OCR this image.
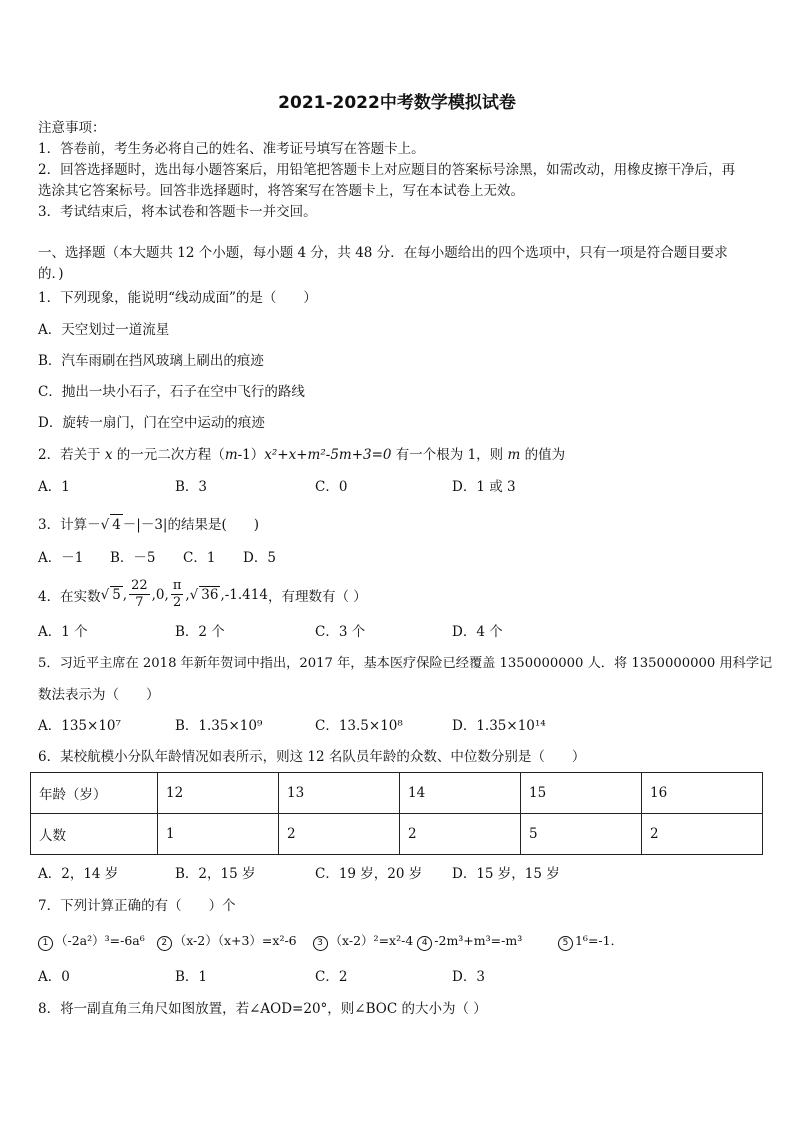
2021-2022中考数学模拟试卷
注意事项：
1．答卷前，考生务必将自己的姓名、准考证号填写在答题卡上。
2．回答选择题时，选出每小题答案后，用铅笔把答题卡上对应题目的答案标号涂黑，如需改动，用橡皮擦干净后，再
选涂其它答案标号。回答非选择题时，将答案写在答题卡上，写在本试卷上无效。
3．考试结束后，将本试卷和答题卡一并交回。
一、选择题（本大题共 12 个小题，每小题 4 分，共 48 分．在每小题给出的四个选项中，只有一项是符合题目要求
的．)
1．下列现象，能说明“线动成面”的是（　　）
A．天空划过一道流星
B．汽车雨刷在挡风玻璃上刷出的痕迹
C．抛出一块小石子，石子在空中飞行的路线
D．旋转一扇门，门在空中运动的痕迹
2．若关于 x 的一元二次方程（m-1）x²+x+m²-5m+3=0 有一个根为 1，则 m 的值为
A．1	B．3	C．0	D．1 或 3
3．计算－√ 4 －|－3|的结果是(　　)
A．－1 B．－5 C．1 D．5
4．在实数 √ 5 , $\frac{22}{7} ,0$, $\frac{\pi}{2}$ , √ 36 ,-1.414 ，有理数有（ ）
A．1 个	B．2 个	C．3 个	D．4 个
5．习近平主席在 2018 年新年贺词中指出，2017 年，基本医疗保险已经覆盖 1350000000 人．将 1350000000 用科学记
数法表示为（　　）
A．135×10⁷	B．1.35×10⁹	C．13.5×10⁸	D．1.35×10¹⁴
6．某校航模小分队年龄情况如表所示，则这 12 名队员年龄的众数、中位数分别是（　　）
年龄（岁）	12	13	14	15	16
人数	1	2	2	5	2
A．2，14 岁	B．2，15 岁	C．19 岁，20 岁 D．15 岁，15 岁
7．下列计算正确的有（　　）个
1 （-2a²）³=-6a⁶ 2 （x-2）（x+3）=x²-6 3 （x-2）²=x²-4 4 -2m³+m³=-m³	5 1⁶=-1．
A．0	B．1	C．2	D．3
8．将一副直角三角尺如图放置，若∠AOD=20°，则∠BOC 的大小为（ ）
